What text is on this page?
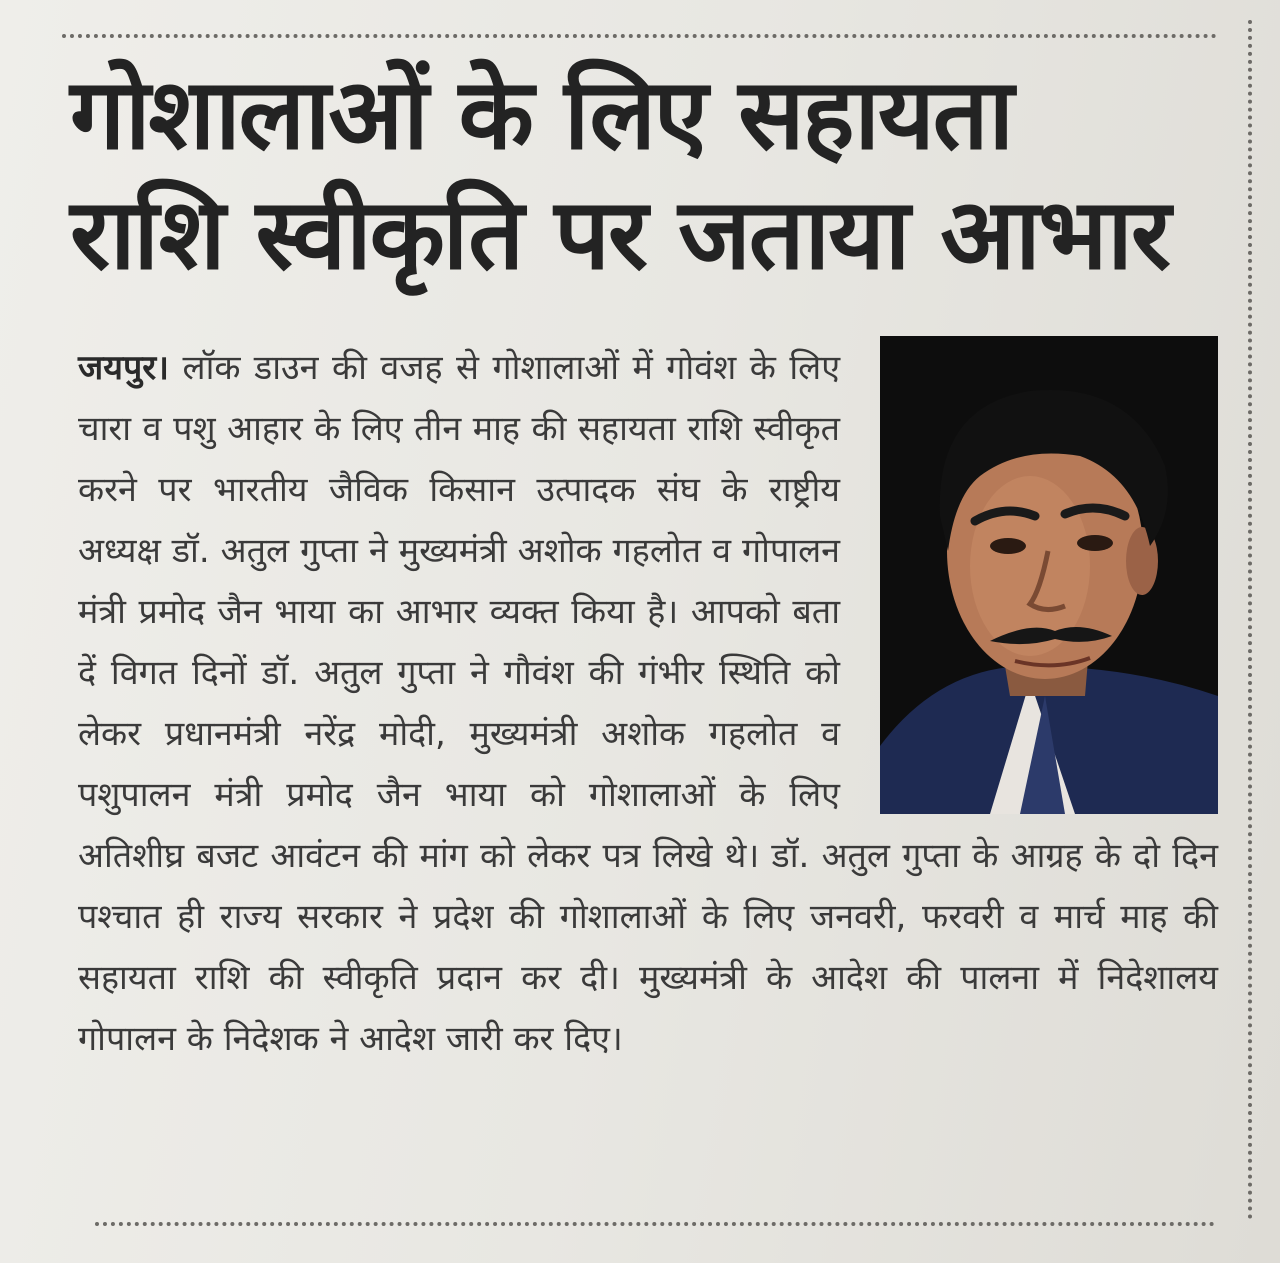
गोशालाओं के लिए सहायता राशि स्वीकृति पर जताया आभार
जयपुर। लॉक डाउन की वजह से गोशालाओं में गोवंश के लिए चारा व पशु आहार के लिए तीन माह की सहायता राशि स्वीकृत करने पर भारतीय जैविक किसान उत्पादक संघ के राष्ट्रीय अध्यक्ष डॉ. अतुल गुप्ता ने मुख्यमंत्री अशोक गहलोत व गोपालन मंत्री प्रमोद जैन भाया का आभार व्यक्त किया है। आपको बता दें विगत दिनों डॉ. अतुल गुप्ता ने गौवंश की गंभीर स्थिति को लेकर प्रधानमंत्री नरेंद्र मोदी, मुख्यमंत्री अशोक गहलोत व पशुपालन मंत्री प्रमोद जैन भाया को गोशालाओं के लिए अतिशीघ्र बजट आवंटन की मांग को लेकर पत्र लिखे थे। डॉ. अतुल गुप्ता के आग्रह के दो दिन पश्चात ही राज्य सरकार ने प्रदेश की गोशालाओं के लिए जनवरी, फरवरी व मार्च माह की सहायता राशि की स्वीकृति प्रदान कर दी। मुख्यमंत्री के आदेश की पालना में निदेशालय गोपालन के निदेशक ने आदेश जारी कर दिए।
